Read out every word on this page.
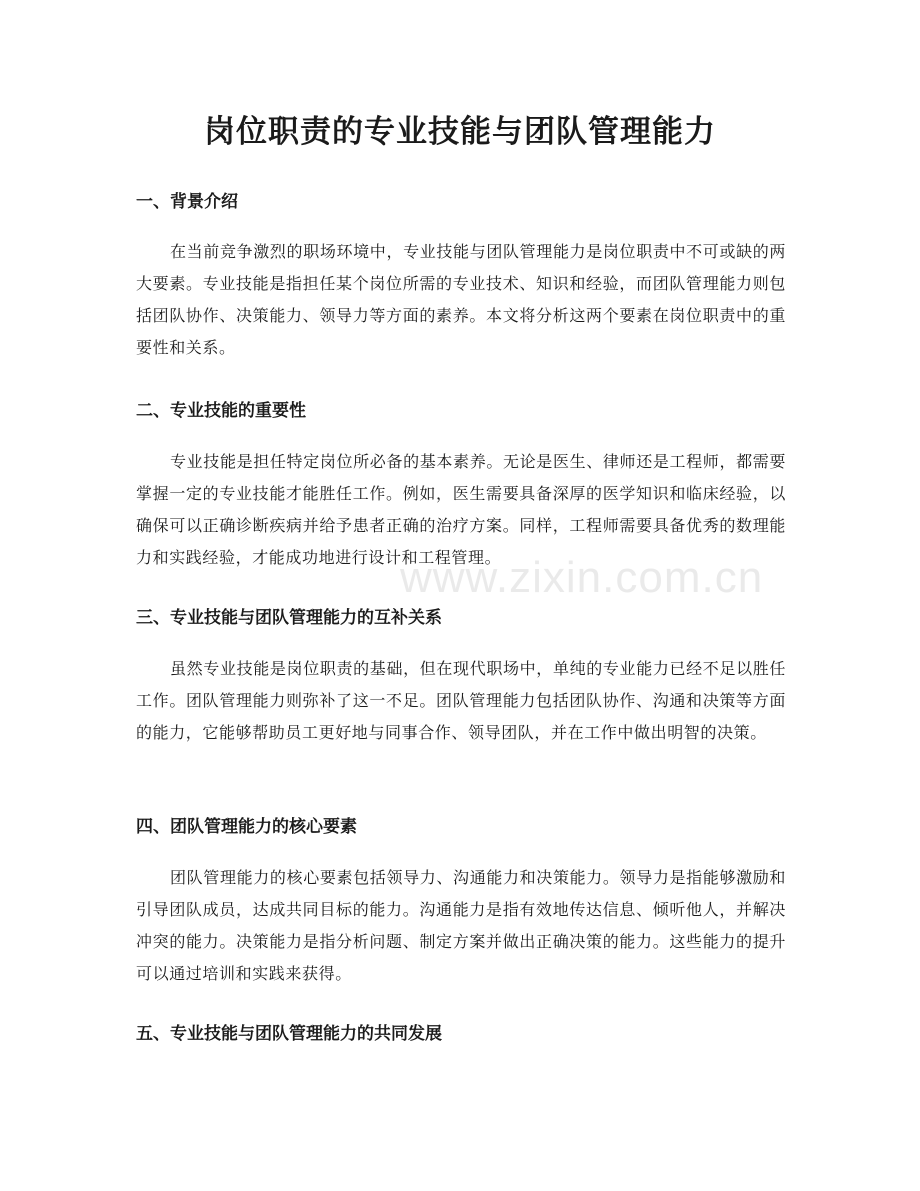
岗位职责的专业技能与团队管理能力
一、背景介绍

在当前竞争激烈的职场环境中，专业技能与团队管理能力是岗位职责中不可或缺的两大要素。专业技能是指担任某个岗位所需的专业技术、知识和经验，而团队管理能力则包括团队协作、决策能力、领导力等方面的素养。本文将分析这两个要素在岗位职责中的重要性和关系。

二、专业技能的重要性

专业技能是担任特定岗位所必备的基本素养。无论是医生、律师还是工程师，都需要掌握一定的专业技能才能胜任工作。例如，医生需要具备深厚的医学知识和临床经验，以确保可以正确诊断疾病并给予患者正确的治疗方案。同样，工程师需要具备优秀的数理能力和实践经验，才能成功地进行设计和工程管理。

三、专业技能与团队管理能力的互补关系

虽然专业技能是岗位职责的基础，但在现代职场中，单纯的专业能力已经不足以胜任工作。团队管理能力则弥补了这一不足。团队管理能力包括团队协作、沟通和决策等方面的能力，它能够帮助员工更好地与同事合作、领导团队，并在工作中做出明智的决策。

四、团队管理能力的核心要素

团队管理能力的核心要素包括领导力、沟通能力和决策能力。领导力是指能够激励和引导团队成员，达成共同目标的能力。沟通能力是指有效地传达信息、倾听他人，并解决冲突的能力。决策能力是指分析问题、制定方案并做出正确决策的能力。这些能力的提升可以通过培训和实践来获得。

五、专业技能与团队管理能力的共同发展
www.zixin.com.cn
